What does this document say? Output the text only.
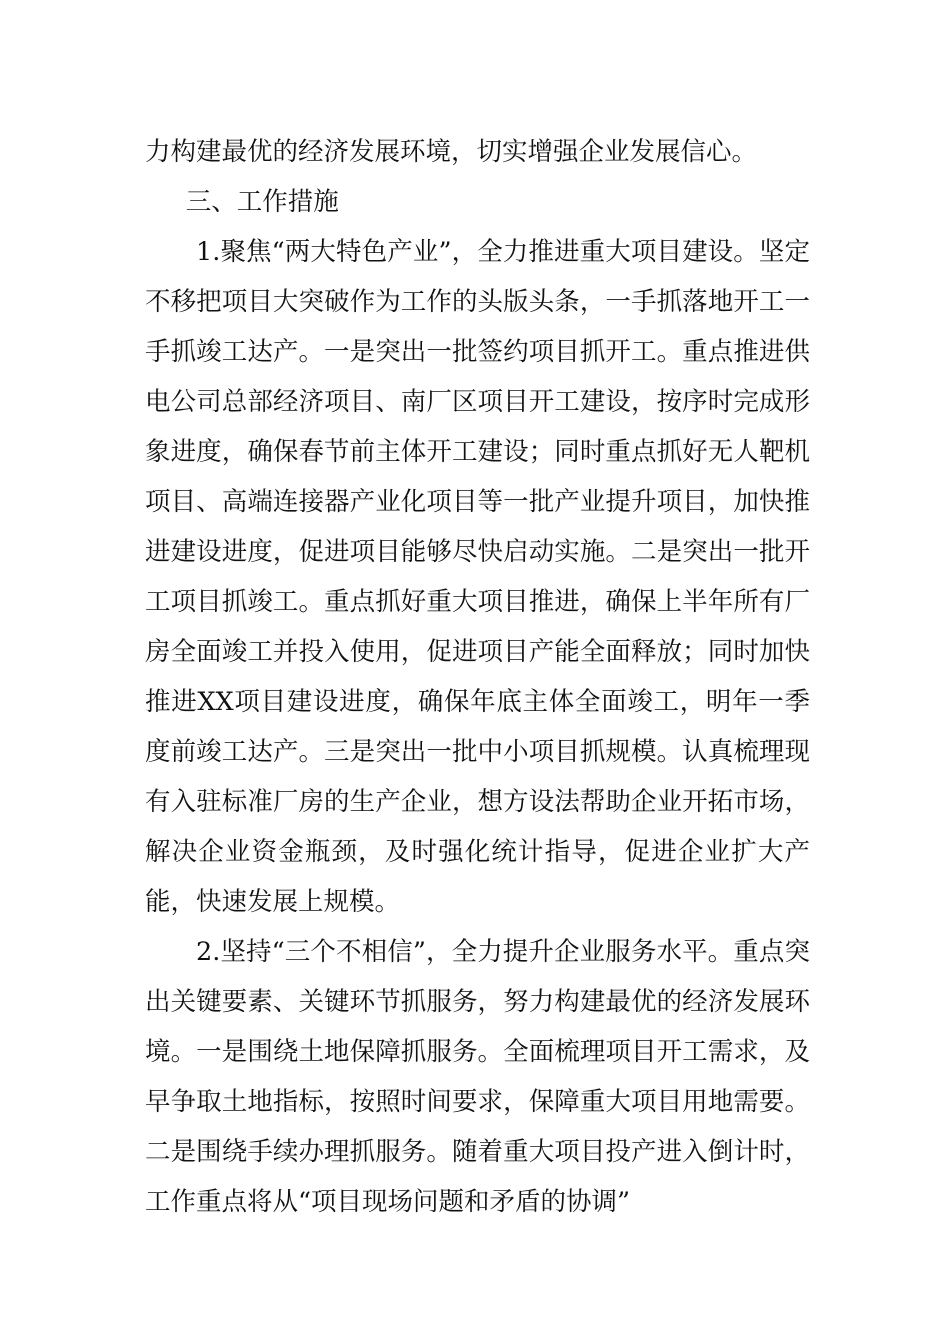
力构建最优的经济发展环境，切实增强企业发展信心。

三、工作措施

1.聚焦“两大特色产业”，全力推进重大项目建设。坚定不移把项目大突破作为工作的头版头条，一手抓落地开工一手抓竣工达产。一是突出一批签约项目抓开工。重点推进供电公司总部经济项目、南厂区项目开工建设，按序时完成形象进度，确保春节前主体开工建设；同时重点抓好无人靶机项目、高端连接器产业化项目等一批产业提升项目，加快推进建设进度，促进项目能够尽快启动实施。二是突出一批开工项目抓竣工。重点抓好重大项目推进，确保上半年所有厂房全面竣工并投入使用，促进项目产能全面释放；同时加快推进XX项目建设进度，确保年底主体全面竣工，明年一季度前竣工达产。三是突出一批中小项目抓规模。认真梳理现有入驻标准厂房的生产企业，想方设法帮助企业开拓市场，解决企业资金瓶颈，及时强化统计指导，促进企业扩大产能，快速发展上规模。

2.坚持“三个不相信”，全力提升企业服务水平。重点突出关键要素、关键环节抓服务，努力构建最优的经济发展环境。一是围绕土地保障抓服务。全面梳理项目开工需求，及早争取土地指标，按照时间要求，保障重大项目用地需要。二是围绕手续办理抓服务。随着重大项目投产进入倒计时，工作重点将从“项目现场问题和矛盾的协调”
